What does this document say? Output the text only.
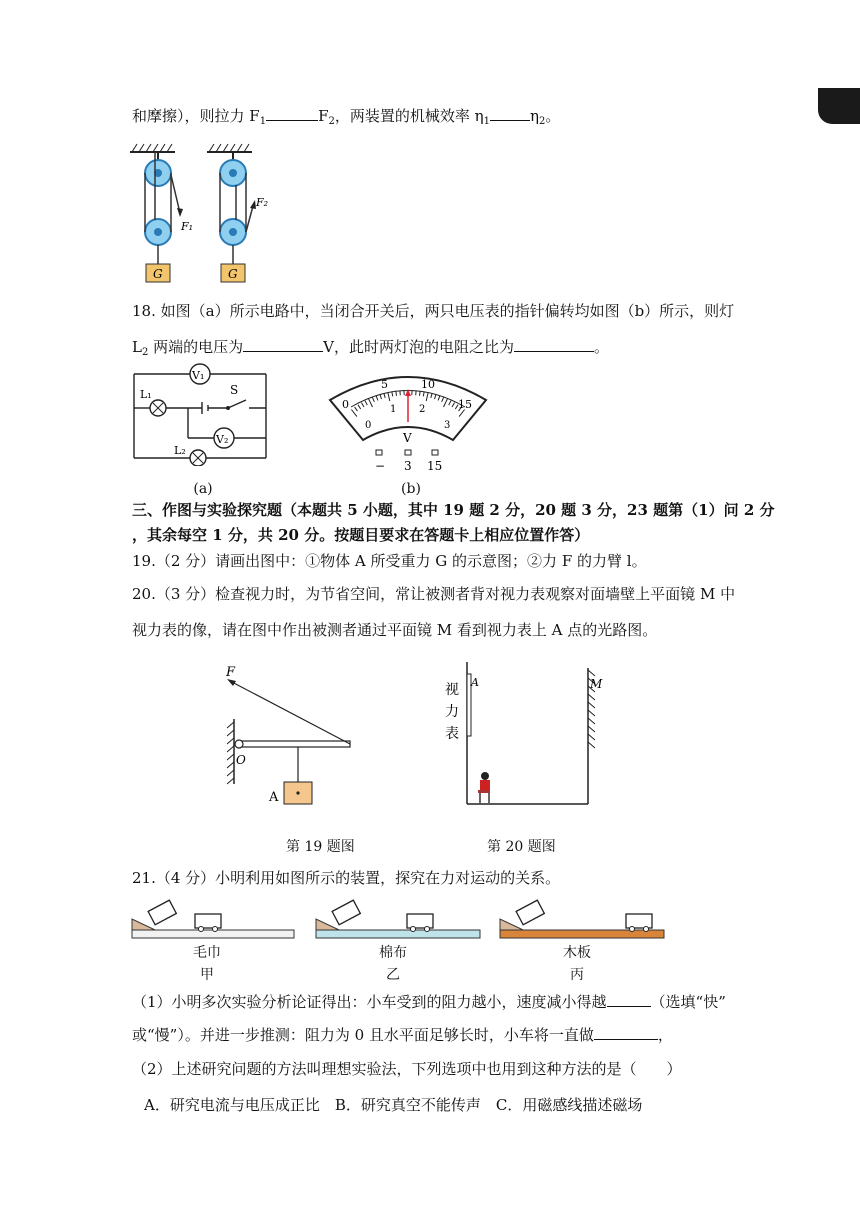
和摩擦），则拉力 $F_1$	$F_2$，两装置的机械效率 $\eta_1$	$\eta_2$。
F₁
G
F₂
G
18. 如图（a）所示电路中，当闭合开关后，两只电压表的指针偏转均如图（b）所示，则灯
$L_2$ 两端的电压为	V，此时两灯泡的电阻之比为	。
V₁
L₁	S
V₂
L₂
(a)
0
5	10
15
0
1 2
3
V
− 3 15
(b)
三、作图与实验探究题（本题共 5 小题，其中 19 题 2 分，20 题 3 分，23 题第（1）问 2 分
，其余每空 1 分，共 20 分。按题目要求在答题卡上相应位置作答）
19.（2 分）请画出图中：①物体 A 所受重力 G 的示意图；②力 F 的力臂 l。
20.（3 分）检查视力时，为节省空间，常让被测者背对视力表观察对面墙壁上平面镜 M 中
视力表的像，请在图中作出被测者通过平面镜 M 看到视力表上 A 点的光路图。
O
F
A
第 19 题图
A	M
视
力
表
第 20 题图
21.（4 分）小明利用如图所示的装置，探究在力对运动的关系。
毛巾
甲
棉布
乙
木板
丙
（1）小明多次实验分析论证得出：小车受到的阻力越小，速度减小得越	（选填“快”
或“慢”）。并进一步推测：阻力为 0 且水平面足够长时，小车将一直做	，
（2）上述研究问题的方法叫理想实验法，下列选项中也用到这种方法的是（　　）
A．研究电流与电压成正比　B．研究真空不能传声　C．用磁感线描述磁场
